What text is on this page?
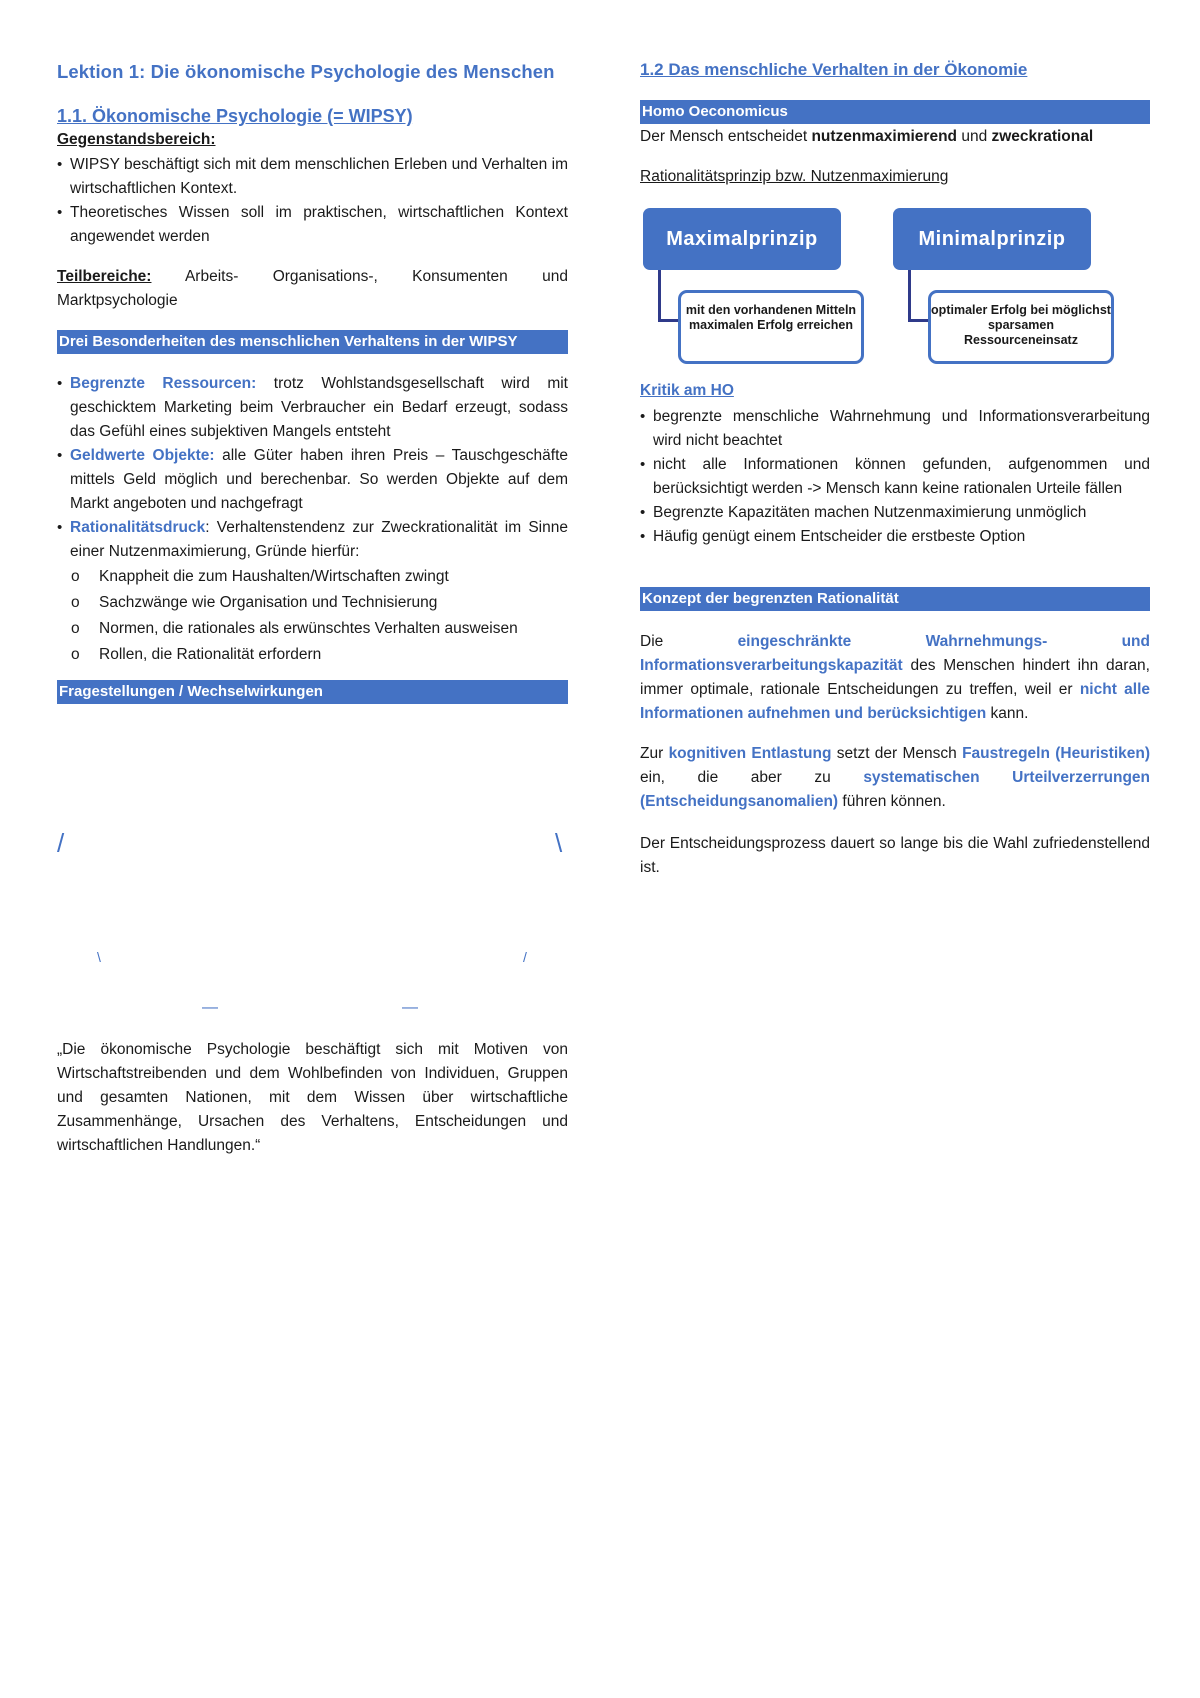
Lektion 1: Die ökonomische Psychologie des Menschen
1.1. Ökonomische Psychologie (= WIPSY)
Gegenstandsbereich:
• WIPSY beschäftigt sich mit dem menschlichen Erleben und Verhalten im wirtschaftlichen Kontext.
• Theoretisches Wissen soll im praktischen, wirtschaftlichen Kontext angewendet werden

Teilbereiche: Arbeits- Organisations-, Konsumenten und Marktpsychologie

Drei Besonderheiten des menschlichen Verhaltens in der WIPSY
• Begrenzte Ressourcen: trotz Wohlstandsgesellschaft wird mit geschicktem Marketing beim Verbraucher ein Bedarf erzeugt, sodass das Gefühl eines subjektiven Mangels entsteht
• Geldwerte Objekte: alle Güter haben ihren Preis – Tauschgeschäfte mittels Geld möglich und berechenbar. So werden Objekte auf dem Markt angeboten und nachgefragt
• Rationalitätsdruck: Verhaltenstendenz zur Zweckrationalität im Sinne einer Nutzenmaximierung, Gründe hierfür:
o Knappheit die zum Haushalten/Wirtschaften zwingt
o Sachzwänge wie Organisation und Technisierung
o Normen, die rationales als erwünschtes Verhalten ausweisen
o Rollen, die Rationalität erfordern
Fragestellungen / Wechselwirkungen
/	\
\	/
—	—

„Die ökonomische Psychologie beschäftigt sich mit Motiven von Wirtschaftstreibenden und dem Wohlbefinden von Individuen, Gruppen und gesamten Nationen, mit dem Wissen über wirtschaftliche Zusammenhänge, Ursachen des Verhaltens, Entscheidungen und wirtschaftlichen Handlungen.“

1.2 Das menschliche Verhalten in der Ökonomie
Homo Oeconomicus

Der Mensch entscheidet nutzenmaximierend und zweckrational

Rationalitätsprinzip bzw. Nutzenmaximierung
Maximalprinzip	Minimalprinzip
mit den vorhandenen Mitteln maximalen Erfolg erreichen
optimaler Erfolg bei möglichst sparsamen Ressourceneinsatz
Kritik am HO
• begrenzte menschliche Wahrnehmung und Informationsverarbeitung wird nicht beachtet
• nicht alle Informationen können gefunden, aufgenommen und berücksichtigt werden -> Mensch kann keine rationalen Urteile fällen
• Begrenzte Kapazitäten machen Nutzenmaximierung unmöglich
• Häufig genügt einem Entscheider die erstbeste Option
Konzept der begrenzten Rationalität

Die eingeschränkte Wahrnehmungs- und Informationsverarbeitungskapazität des Menschen hindert ihn daran, immer optimale, rationale Entscheidungen zu treffen, weil er nicht alle Informationen aufnehmen und berücksichtigen kann.

Zur kognitiven Entlastung setzt der Mensch Faustregeln (Heuristiken) ein, die aber zu systematischen Urteilverzerrungen (Entscheidungsanomalien) führen können.

Der Entscheidungsprozess dauert so lange bis die Wahl zufriedenstellend ist.
